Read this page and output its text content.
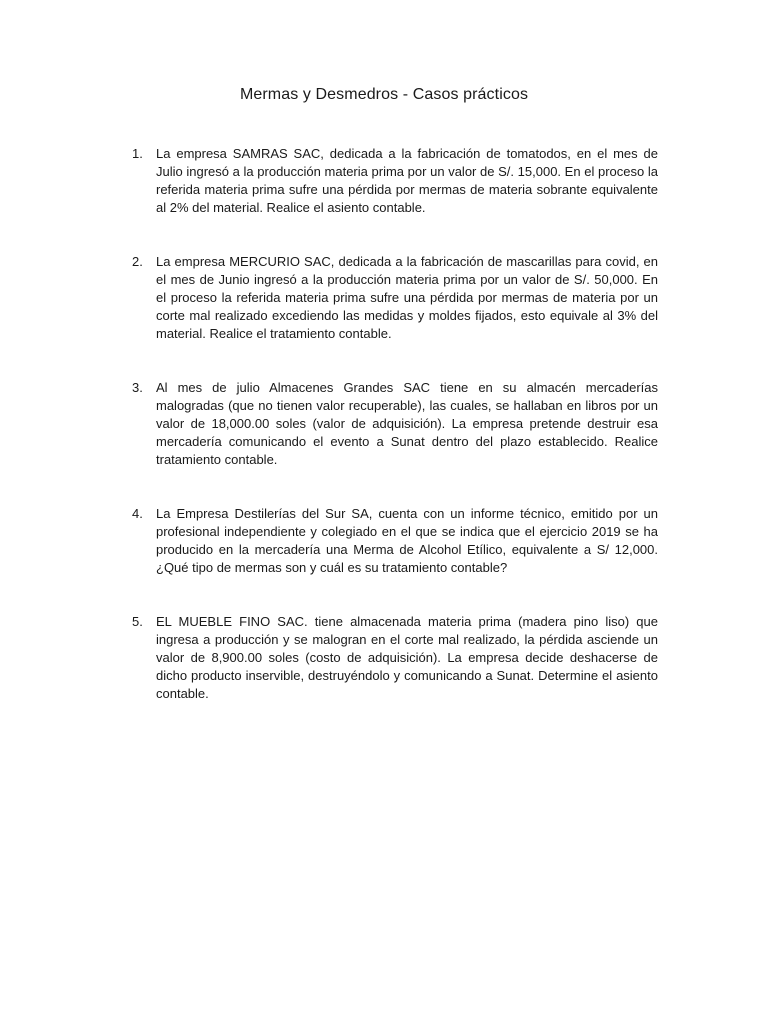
Mermas y Desmedros - Casos prácticos
1. La empresa SAMRAS SAC, dedicada a la fabricación de tomatodos, en el mes de Julio ingresó a la producción materia prima por un valor de S/. 15,000. En el proceso la referida materia prima sufre una pérdida por mermas de materia sobrante equivalente al 2% del material. Realice el asiento contable.
2. La empresa MERCURIO SAC, dedicada a la fabricación de mascarillas para covid, en el mes de Junio ingresó a la producción materia prima por un valor de S/. 50,000. En el proceso la referida materia prima sufre una pérdida por mermas de materia por un corte mal realizado excediendo las medidas y moldes fijados, esto equivale al 3% del material. Realice el tratamiento contable.
3. Al mes de julio Almacenes Grandes SAC tiene en su almacén mercaderías malogradas (que no tienen valor recuperable), las cuales, se hallaban en libros por un valor de 18,000.00 soles (valor de adquisición). La empresa pretende destruir esa mercadería comunicando el evento a Sunat dentro del plazo establecido. Realice tratamiento contable.
4. La Empresa Destilerías del Sur SA, cuenta con un informe técnico, emitido por un profesional independiente y colegiado en el que se indica que el ejercicio 2019 se ha producido en la mercadería una Merma de Alcohol Etílico, equivalente a S/ 12,000. ¿Qué tipo de mermas son y cuál es su tratamiento contable?
5. EL MUEBLE FINO SAC. tiene almacenada materia prima (madera pino liso) que ingresa a producción y se malogran en el corte mal realizado, la pérdida asciende un valor de 8,900.00 soles (costo de adquisición). La empresa decide deshacerse de dicho producto inservible, destruyéndolo y comunicando a Sunat. Determine el asiento contable.
